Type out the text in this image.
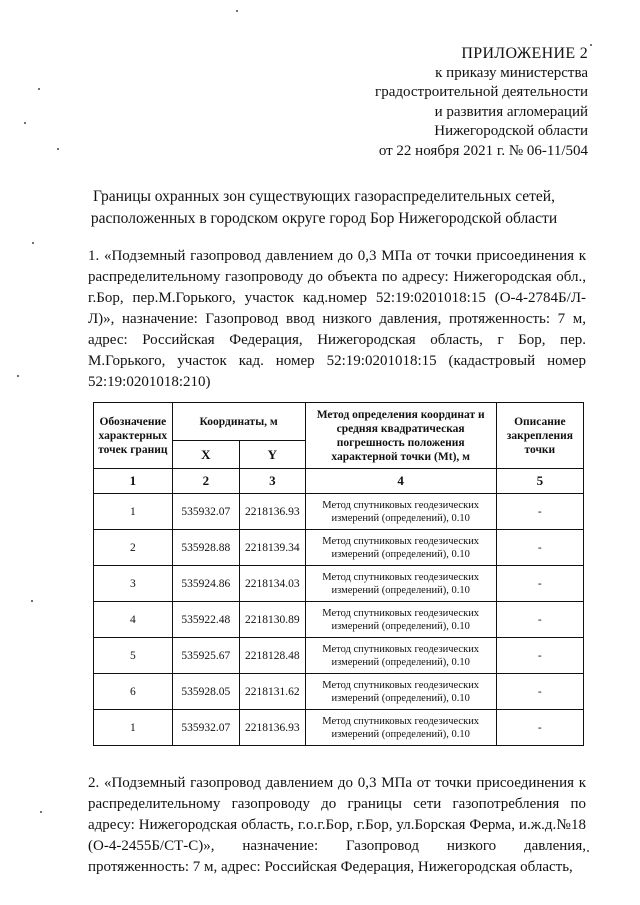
ПРИЛОЖЕНИЕ 2
к приказу министерства
градостроительной деятельности
и развития агломераций
Нижегородской области
от 22 ноября 2021 г. № 06-11/504
Границы охранных зон существующих газораспределительных сетей,
расположенных в городском округе город Бор Нижегородской области
1. «Подземный газопровод давлением до 0,3 МПа от точки присоединения к распределительному газопроводу до объекта по адресу: Нижегородская обл., г.Бор, пер.М.Горького, участок кад.номер 52:19:0201018:15 (О-4-2784Б/Л-Л)», назначение: Газопровод ввод низкого давления, протяженность: 7 м, адрес: Российская Федерация, Нижегородская область, г Бор, пер. М.Горького, участок кад. номер 52:19:0201018:15 (кадастровый номер 52:19:0201018:210)
Обозначение характерных точек границ	Координаты, м		Метод определения координат и средняя квадратическая погрешность положения характерной точки (Mt), м	Описание закрепления точки
	X	Y		
1	2	3	4	5
1	535932.07	2218136.93	Метод спутниковых геодезических измерений (определений), 0.10	-
2	535928.88	2218139.34	Метод спутниковых геодезических измерений (определений), 0.10	-
3	535924.86	2218134.03	Метод спутниковых геодезических измерений (определений), 0.10	-
4	535922.48	2218130.89	Метод спутниковых геодезических измерений (определений), 0.10	-
5	535925.67	2218128.48	Метод спутниковых геодезических измерений (определений), 0.10	-
6	535928.05	2218131.62	Метод спутниковых геодезических измерений (определений), 0.10	-
1	535932.07	2218136.93	Метод спутниковых геодезических измерений (определений), 0.10	-
2. «Подземный газопровод давлением до 0,3 МПа от точки присоединения к распределительному газопроводу до границы сети газопотребления по адресу: Нижегородская область, г.о.г.Бор, г.Бор, ул.Борская Ферма, и.ж.д.№18 (О-4-2455Б/СТ-С)», назначение: Газопровод низкого давления, протяженность: 7 м, адрес: Российская Федерация, Нижегородская область,
